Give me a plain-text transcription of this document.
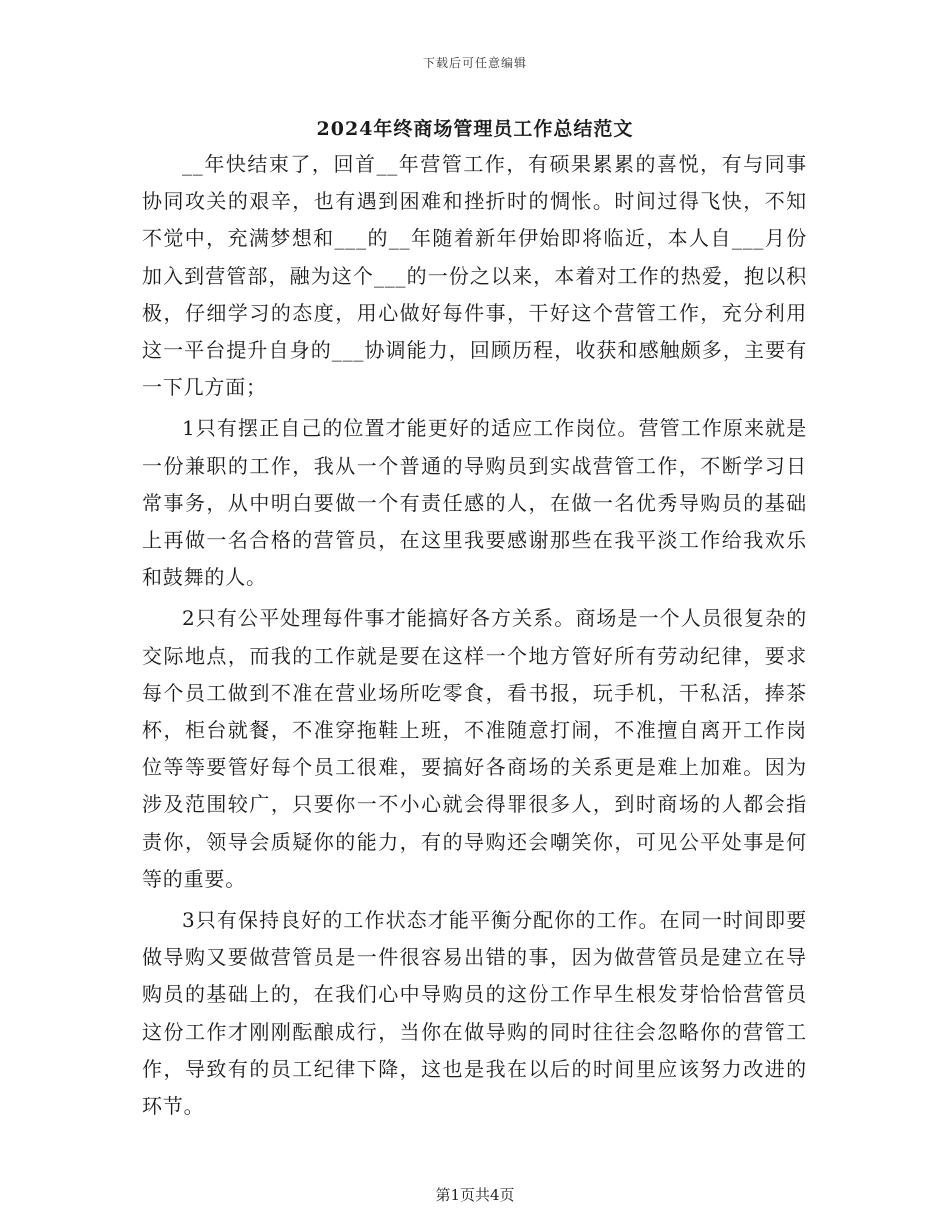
下载后可任意编辑
2024年终商场管理员工作总结范文

__年快结束了，回首__年营管工作，有硕果累累的喜悦，有与同事协同攻关的艰辛，也有遇到困难和挫折时的惆怅。时间过得飞快，不知不觉中，充满梦想和___的__年随着新年伊始即将临近，本人自___月份加入到营管部，融为这个___的一份之以来，本着对工作的热爱，抱以积极，仔细学习的态度，用心做好每件事，干好这个营管工作，充分利用这一平台提升自身的___协调能力，回顾历程，收获和感触颇多，主要有一下几方面；

1只有摆正自己的位置才能更好的适应工作岗位。营管工作原来就是一份兼职的工作，我从一个普通的导购员到实战营管工作，不断学习日常事务，从中明白要做一个有责任感的人，在做一名优秀导购员的基础上再做一名合格的营管员，在这里我要感谢那些在我平淡工作给我欢乐和鼓舞的人。

2只有公平处理每件事才能搞好各方关系。商场是一个人员很复杂的交际地点，而我的工作就是要在这样一个地方管好所有劳动纪律，要求每个员工做到不准在营业场所吃零食，看书报，玩手机，干私活，捧茶杯，柜台就餐，不准穿拖鞋上班，不准随意打闹，不准擅自离开工作岗位等等要管好每个员工很难，要搞好各商场的关系更是难上加难。因为涉及范围较广，只要你一不小心就会得罪很多人，到时商场的人都会指责你，领导会质疑你的能力，有的导购还会嘲笑你，可见公平处事是何等的重要。

3只有保持良好的工作状态才能平衡分配你的工作。在同一时间即要做导购又要做营管员是一件很容易出错的事，因为做营管员是建立在导购员的基础上的，在我们心中导购员的这份工作早生根发芽恰恰营管员这份工作才刚刚酝酿成行，当你在做导购的同时往往会忽略你的营管工作，导致有的员工纪律下降，这也是我在以后的时间里应该努力改进的环节。

第1页共4页
